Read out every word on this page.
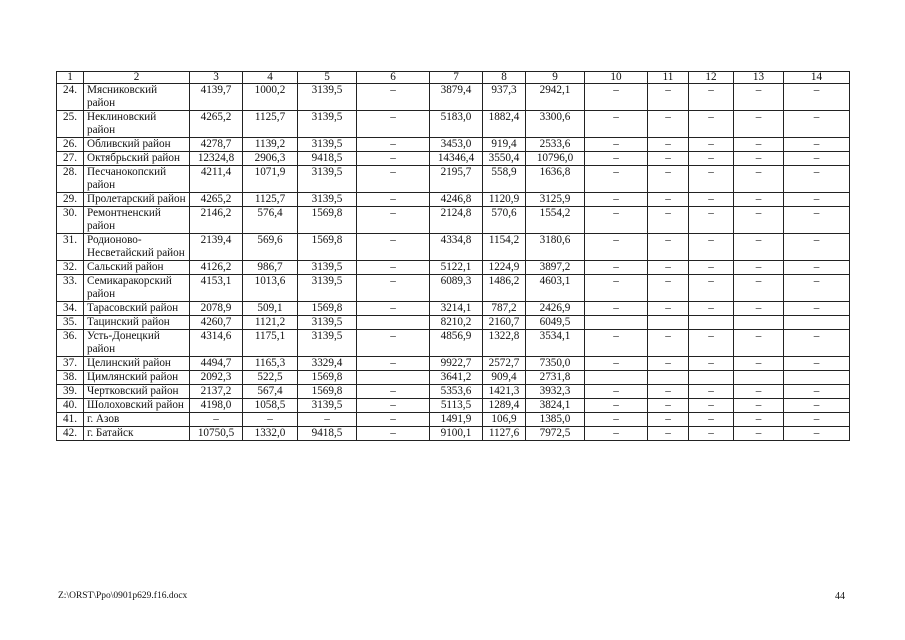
1	2	3	4	5	6	7	8	9	10	11	12	13	14
24.	Мясниковский район	4139,7	1000,2	3139,5	–	3879,4	937,3	2942,1	–	–	–	–	–
25.	Неклиновский район	4265,2	1125,7	3139,5	–	5183,0	1882,4	3300,6	–	–	–	–	–
26.	Обливский район	4278,7	1139,2	3139,5	–	3453,0	919,4	2533,6	–	–	–	–	–
27.	Октябрьский район	12324,8	2906,3	9418,5	–	14346,4	3550,4	10796,0	–	–	–	–	–
28.	Песчанокопский район	4211,4	1071,9	3139,5	–	2195,7	558,9	1636,8	–	–	–	–	–
29.	Пролетарский район	4265,2	1125,7	3139,5	–	4246,8	1120,9	3125,9	–	–	–	–	–
30.	Ремонтненский район	2146,2	576,4	1569,8	–	2124,8	570,6	1554,2	–	–	–	–	–
31.	Родионово-Несветайский район	2139,4	569,6	1569,8	–	4334,8	1154,2	3180,6	–	–	–	–	–
32.	Сальский район	4126,2	986,7	3139,5	–	5122,1	1224,9	3897,2	–	–	–	–	–
33.	Семикаракорский район	4153,1	1013,6	3139,5	–	6089,3	1486,2	4603,1	–	–	–	–	–
34.	Тарасовский район	2078,9	509,1	1569,8	–	3214,1	787,2	2426,9	–	–	–	–	–
35.	Тацинский район	4260,7	1121,2	3139,5		8210,2	2160,7	6049,5					
36.	Усть-Донецкий район	4314,6	1175,1	3139,5	–	4856,9	1322,8	3534,1	–	–	–	–	–
37.	Целинский район	4494,7	1165,3	3329,4	–	9922,7	2572,7	7350,0	–	–	–	–	–
38.	Цимлянский район	2092,3	522,5	1569,8		3641,2	909,4	2731,8					
39.	Чертковский район	2137,2	567,4	1569,8	–	5353,6	1421,3	3932,3	–	–	–	–	–
40.	Шолоховский район	4198,0	1058,5	3139,5	–	5113,5	1289,4	3824,1	–	–	–	–	–
41.	г. Азов	–	–	–	–	1491,9	106,9	1385,0	–	–	–	–	–
42.	г. Батайск	10750,5	1332,0	9418,5	–	9100,1	1127,6	7972,5	–	–	–	–	–
Z:\ORST\Ppo\0901p629.f16.docx	44
